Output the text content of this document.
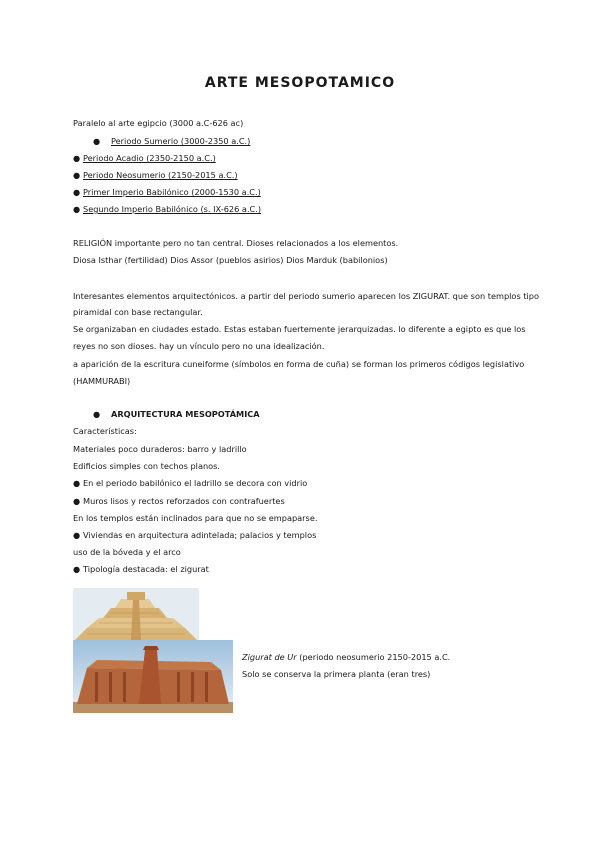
ARTE MESOPOTAMICO
Paralelo al arte egipcio (3000 a.C-626 ac)
● Periodo Sumerio (3000-2350 a.C.)
● Periodo Acadio (2350-2150 a.C.)
● Periodo Neosumerio (2150-2015 a.C.)
● Primer Imperio Babilónico (2000-1530 a.C.)
● Segundo Imperio Babilónico (s. IX-626 a.C.)
RELIGIÓN importante pero no tan central. Dioses relacionados a los elementos.
Diosa Isthar (fertilidad) Dios Assor (pueblos asirios) Dios Marduk (babilonios)
Interesantes elementos arquitectónicos. a partir del periodo sumerio aparecen los ZIGURAT. que son templos tipo
piramidal con base rectangular.
Se organizaban en ciudades estado. Estas estaban fuertemente jerarquizadas. lo diferente a egipto es que los
reyes no son dioses. hay un vínculo pero no una idealización.
a aparición de la escritura cuneiforme (símbolos en forma de cuña) se forman los primeros códigos legislativo
(HAMMURABI)
● ARQUITECTURA MESOPOTÁMICA
Características:
Materiales poco duraderos: barro y ladrillo
Edificios simples con techos planos.
● En el periodo babilónico el ladrillo se decora con vidrio
● Muros lisos y rectos reforzados con contrafuertes
En los templos están inclinados para que no se empaparse.
● Viviendas en arquitectura adintelada; palacios y templos
uso de la bóveda y el arco
● Tipología destacada: el zigurat
Zigurat de Ur (periodo neosumerio 2150-2015 a.C.
Solo se conserva la primera planta (eran tres)
